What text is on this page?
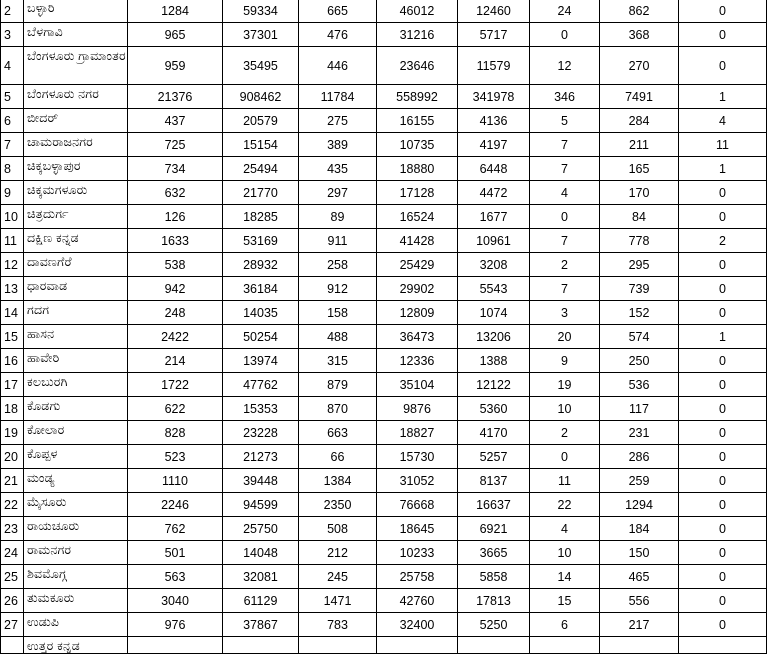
2	ಬಳ್ಳಾರಿ	1284	59334	665	46012	12460	24	862	0
3	ಬೆಳಗಾವಿ	965	37301	476	31216	5717	0	368	0
4	ಬೆಂಗಳೂರು ಗ್ರಾಮಾಂತರ	959	35495	446	23646	11579	12	270	0
5	ಬೆಂಗಳೂರು ನಗರ	21376	908462	11784	558992	341978	346	7491	1
6	ಬೀದರ್	437	20579	275	16155	4136	5	284	4
7	ಚಾಮರಾಜನಗರ	725	15154	389	10735	4197	7	211	11
8	ಚಿಕ್ಕಬಳ್ಳಾಪುರ	734	25494	435	18880	6448	7	165	1
9	ಚಿಕ್ಕಮಗಳೂರು	632	21770	297	17128	4472	4	170	0
10	ಚಿತ್ರದುರ್ಗ	126	18285	89	16524	1677	0	84	0
11	ದಕ್ಷಿಣ ಕನ್ನಡ	1633	53169	911	41428	10961	7	778	2
12	ದಾವಣಗೆರೆ	538	28932	258	25429	3208	2	295	0
13	ಧಾರವಾಡ	942	36184	912	29902	5543	7	739	0
14	ಗದಗ	248	14035	158	12809	1074	3	152	0
15	ಹಾಸನ	2422	50254	488	36473	13206	20	574	1
16	ಹಾವೇರಿ	214	13974	315	12336	1388	9	250	0
17	ಕಲಬುರಗಿ	1722	47762	879	35104	12122	19	536	0
18	ಕೊಡಗು	622	15353	870	9876	5360	10	117	0
19	ಕೋಲಾರ	828	23228	663	18827	4170	2	231	0
20	ಕೊಪ್ಪಳ	523	21273	66	15730	5257	0	286	0
21	ಮಂಡ್ಯ	1110	39448	1384	31052	8137	11	259	0
22	ಮೈಸೂರು	2246	94599	2350	76668	16637	22	1294	0
23	ರಾಯಚೂರು	762	25750	508	18645	6921	4	184	0
24	ರಾಮನಗರ	501	14048	212	10233	3665	10	150	0
25	ಶಿವಮೊಗ್ಗ	563	32081	245	25758	5858	14	465	0
26	ತುಮಕೂರು	3040	61129	1471	42760	17813	15	556	0
27	ಉಡುಪಿ	976	37867	783	32400	5250	6	217	0
	ಉತ್ತರ ಕನ್ನಡ								
